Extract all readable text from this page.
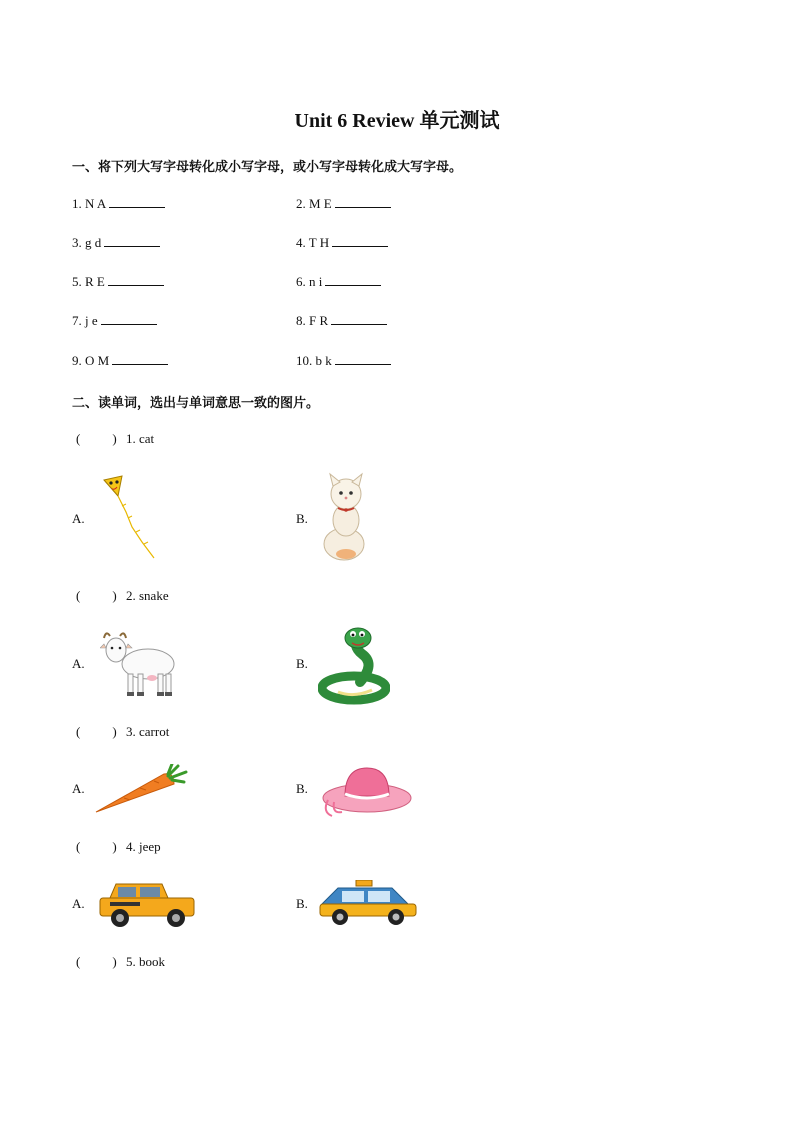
Unit 6 Review 单元测试
一、将下列大写字母转化成小写字母，或小写字母转化成大写字母。
1. N A	2. M E
3. g d	4. T H
5. R E	6. n i
7. j e	8. F R
9. O M	10. b k
二、读单词，选出与单词意思一致的图片。
( ) 1. cat
A.	B.
( ) 2. snake
A.	B.
( ) 3. carrot
A.	B.
( ) 4. jeep
A.	B.
( ) 5. book
